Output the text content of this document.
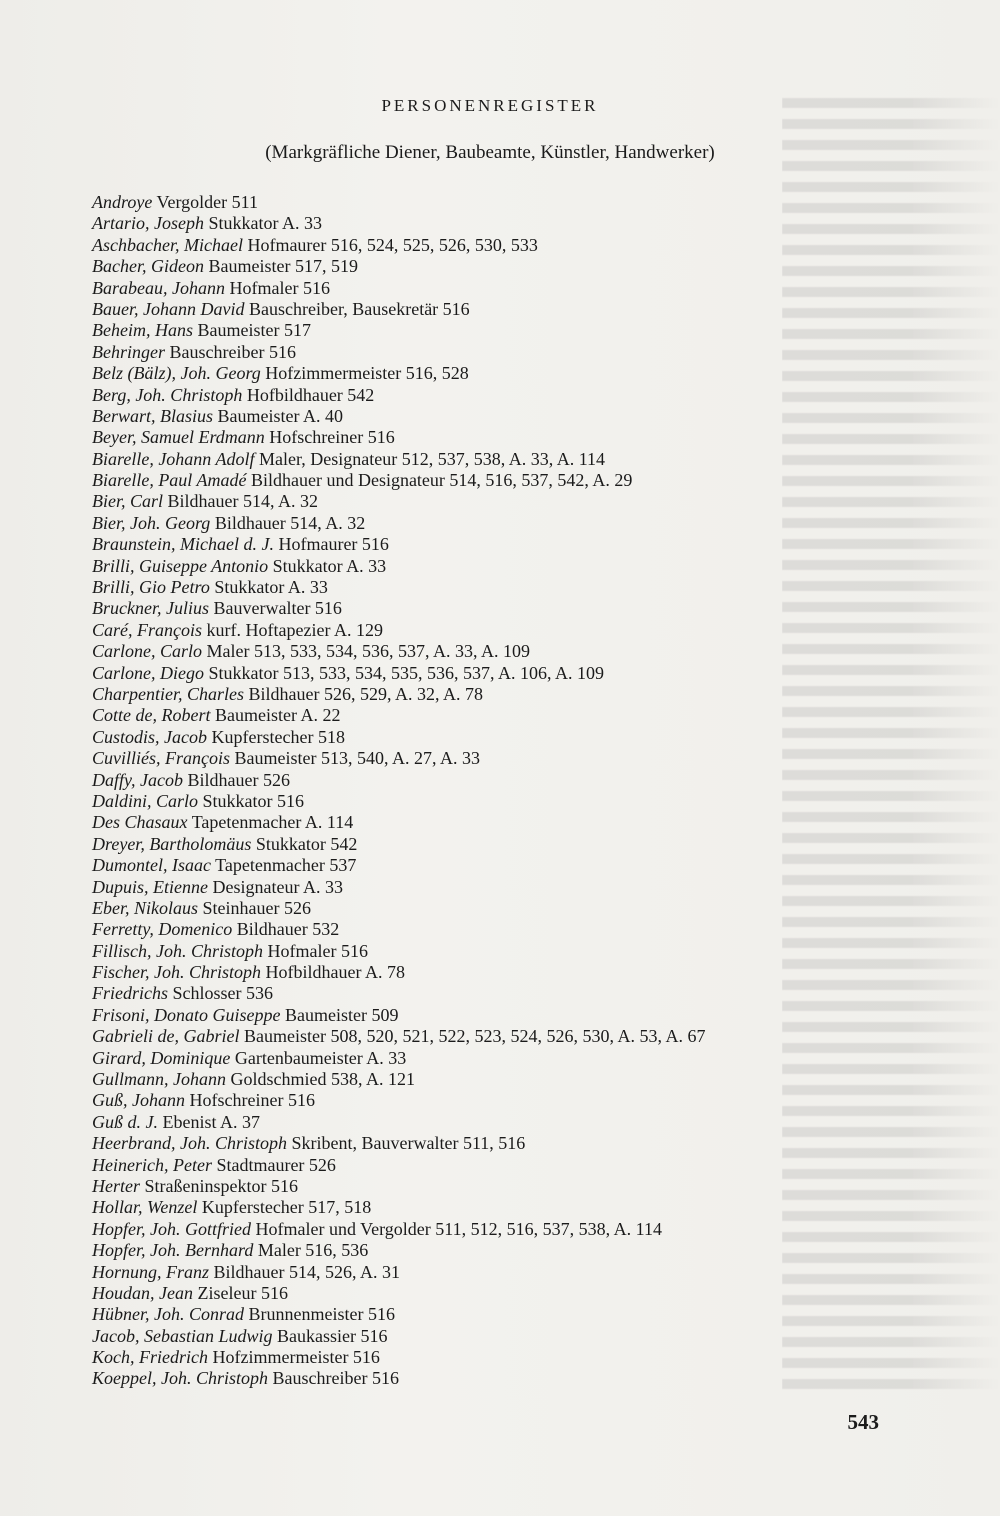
PERSONENREGISTER
(Markgräfliche Diener, Baubeamte, Künstler, Handwerker)
Androye Vergolder 511
Artario, Joseph Stukkator A. 33
Aschbacher, Michael Hofmaurer 516, 524, 525, 526, 530, 533
Bacher, Gideon Baumeister 517, 519
Barabeau, Johann Hofmaler 516
Bauer, Johann David Bauschreiber, Bausekretär 516
Beheim, Hans Baumeister 517
Behringer Bauschreiber 516
Belz (Bälz), Joh. Georg Hofzimmermeister 516, 528
Berg, Joh. Christoph Hofbildhauer 542
Berwart, Blasius Baumeister A. 40
Beyer, Samuel Erdmann Hofschreiner 516
Biarelle, Johann Adolf Maler, Designateur 512, 537, 538, A. 33, A. 114
Biarelle, Paul Amadé Bildhauer und Designateur 514, 516, 537, 542, A. 29
Bier, Carl Bildhauer 514, A. 32
Bier, Joh. Georg Bildhauer 514, A. 32
Braunstein, Michael d. J. Hofmaurer 516
Brilli, Guiseppe Antonio Stukkator A. 33
Brilli, Gio Petro Stukkator A. 33
Bruckner, Julius Bauverwalter 516
Caré, François kurf. Hoftapezier A. 129
Carlone, Carlo Maler 513, 533, 534, 536, 537, A. 33, A. 109
Carlone, Diego Stukkator 513, 533, 534, 535, 536, 537, A. 106, A. 109
Charpentier, Charles Bildhauer 526, 529, A. 32, A. 78
Cotte de, Robert Baumeister A. 22
Custodis, Jacob Kupferstecher 518
Cuvilliés, François Baumeister 513, 540, A. 27, A. 33
Daffy, Jacob Bildhauer 526
Daldini, Carlo Stukkator 516
Des Chasaux Tapetenmacher A. 114
Dreyer, Bartholomäus Stukkator 542
Dumontel, Isaac Tapetenmacher 537
Dupuis, Etienne Designateur A. 33
Eber, Nikolaus Steinhauer 526
Ferretty, Domenico Bildhauer 532
Fillisch, Joh. Christoph Hofmaler 516
Fischer, Joh. Christoph Hofbildhauer A. 78
Friedrichs Schlosser 536
Frisoni, Donato Guiseppe Baumeister 509
Gabrieli de, Gabriel Baumeister 508, 520, 521, 522, 523, 524, 526, 530, A. 53, A. 67
Girard, Dominique Gartenbaumeister A. 33
Gullmann, Johann Goldschmied 538, A. 121
Guß, Johann Hofschreiner 516
Guß d. J. Ebenist A. 37
Heerbrand, Joh. Christoph Skribent, Bauverwalter 511, 516
Heinerich, Peter Stadtmaurer 526
Herter Straßeninspektor 516
Hollar, Wenzel Kupferstecher 517, 518
Hopfer, Joh. Gottfried Hofmaler und Vergolder 511, 512, 516, 537, 538, A. 114
Hopfer, Joh. Bernhard Maler 516, 536
Hornung, Franz Bildhauer 514, 526, A. 31
Houdan, Jean Ziseleur 516
Hübner, Joh. Conrad Brunnenmeister 516
Jacob, Sebastian Ludwig Baukassier 516
Koch, Friedrich Hofzimmermeister 516
Koeppel, Joh. Christoph Bauschreiber 516
543
